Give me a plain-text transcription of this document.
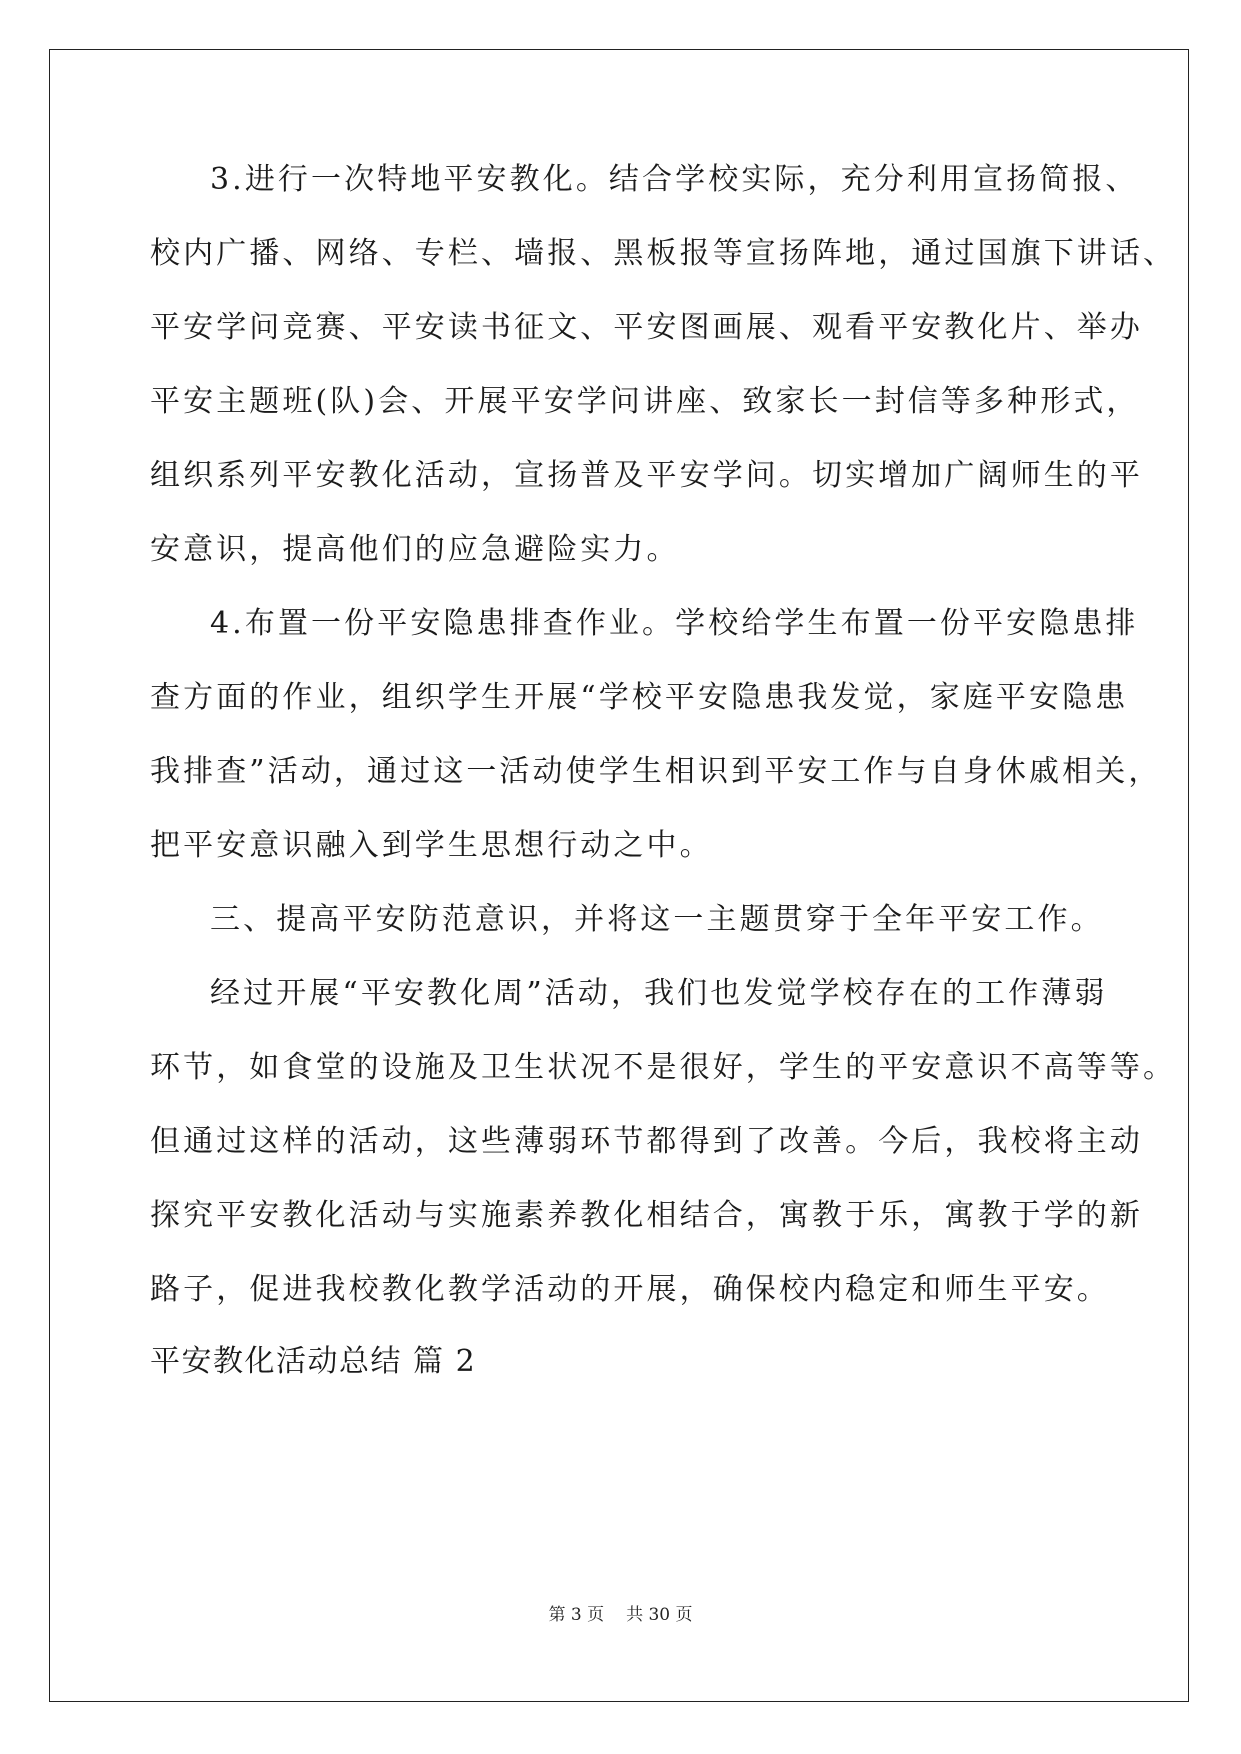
3.进行一次特地平安教化。结合学校实际，充分利用宣扬简报、
校内广播、网络、专栏、墙报、黑板报等宣扬阵地，通过国旗下讲话、
平安学问竞赛、平安读书征文、平安图画展、观看平安教化片、举办
平安主题班(队)会、开展平安学问讲座、致家长一封信等多种形式，
组织系列平安教化活动，宣扬普及平安学问。切实增加广阔师生的平
安意识，提高他们的应急避险实力。
4.布置一份平安隐患排查作业。学校给学生布置一份平安隐患排
查方面的作业，组织学生开展“学校平安隐患我发觉，家庭平安隐患
我排查”活动，通过这一活动使学生相识到平安工作与自身休戚相关，
把平安意识融入到学生思想行动之中。
三、提高平安防范意识，并将这一主题贯穿于全年平安工作。
经过开展“平安教化周”活动，我们也发觉学校存在的工作薄弱
环节，如食堂的设施及卫生状况不是很好，学生的平安意识不高等等。
但通过这样的活动，这些薄弱环节都得到了改善。今后，我校将主动
探究平安教化活动与实施素养教化相结合，寓教于乐，寓教于学的新
路子，促进我校教化教学活动的开展，确保校内稳定和师生平安。
平安教化活动总结 篇 2
第 3 页 共 30 页
